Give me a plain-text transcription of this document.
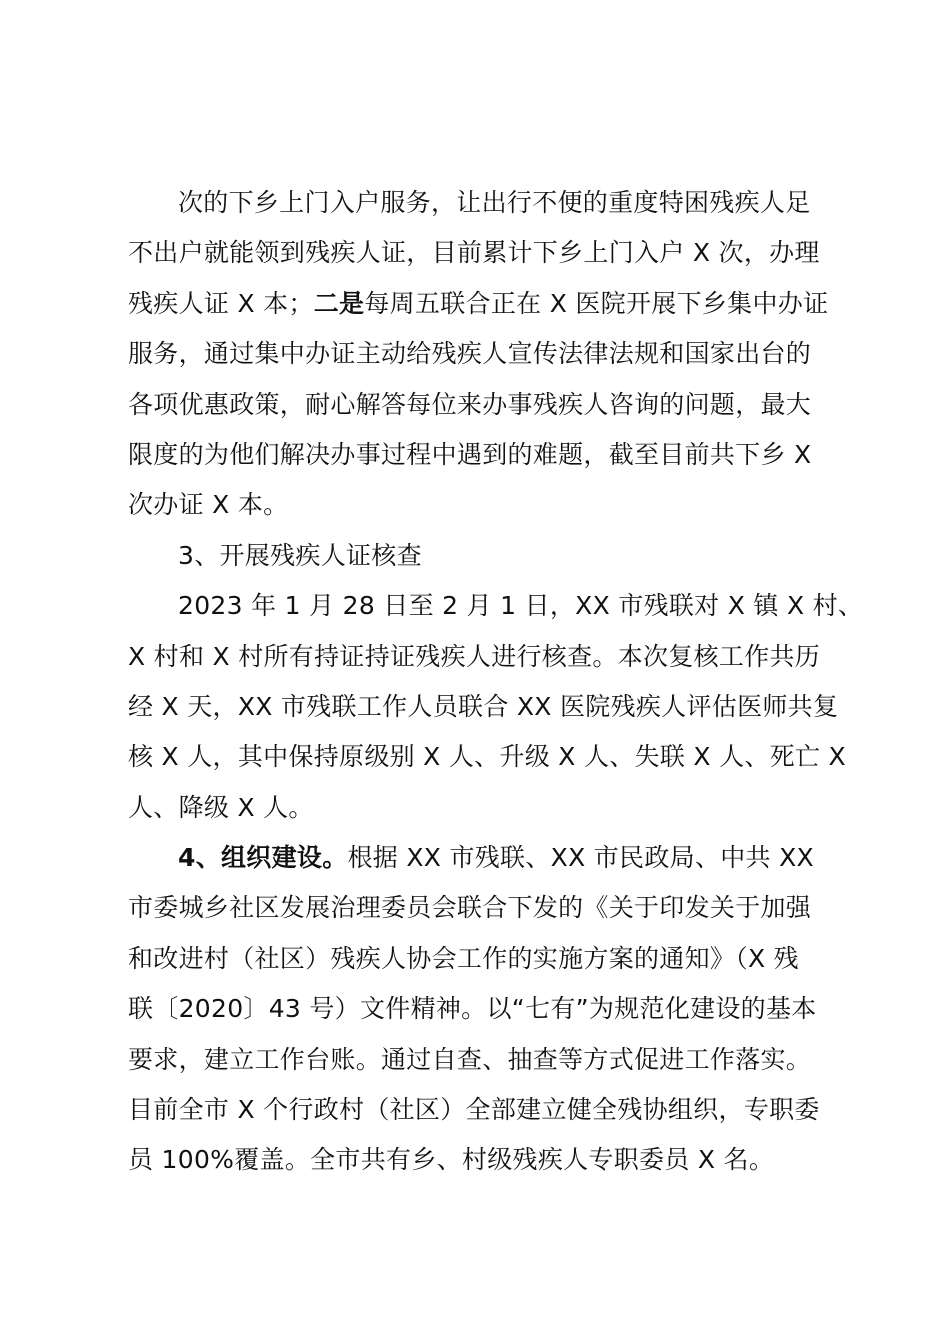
次的下乡上门入户服务，让出行不便的重度特困残疾人足
不出户就能领到残疾人证，目前累计下乡上门入户 X 次，办理
残疾人证 X 本；二是每周五联合正在 X 医院开展下乡集中办证
服务，通过集中办证主动给残疾人宣传法律法规和国家出台的
各项优惠政策，耐心解答每位来办事残疾人咨询的问题，最大
限度的为他们解决办事过程中遇到的难题，截至目前共下乡 X
次办证 X 本。
3、开展残疾人证核查
2023 年 1 月 28 日至 2 月 1 日，XX 市残联对 X 镇 X 村、
X 村和 X 村所有持证持证残疾人进行核查。本次复核工作共历
经 X 天，XX 市残联工作人员联合 XX 医院残疾人评估医师共复
核 X 人，其中保持原级别 X 人、升级 X 人、失联 X 人、死亡 X
人、降级 X 人。
4、组织建设。根据 XX 市残联、XX 市民政局、中共 XX
市委城乡社区发展治理委员会联合下发的《关于印发关于加强
和改进村（社区）残疾人协会工作的实施方案的通知》（X 残
联〔2020〕43 号）文件精神。以“七有”为规范化建设的基本
要求，建立工作台账。通过自查、抽查等方式促进工作落实。
目前全市 X 个行政村（社区）全部建立健全残协组织，专职委
员 100%覆盖。全市共有乡、村级残疾人专职委员 X 名。
